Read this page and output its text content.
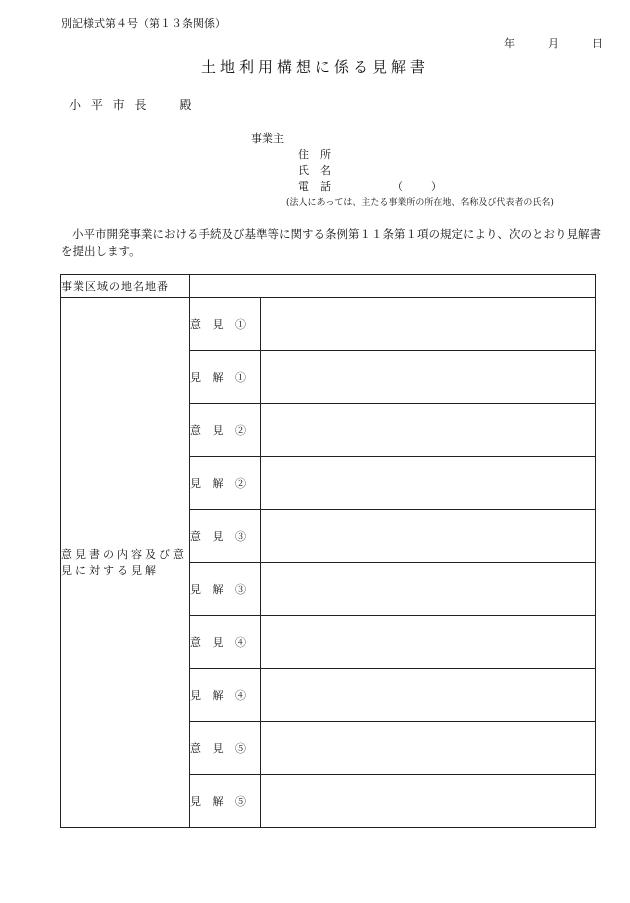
別記様式第４号（第１３条関係）
年	月	日
土地利用構想に係る見解書
小 平 市 長　　殿
事業主
住　所
氏　名
電　話	（	）
(法人にあっては、主たる事業所の所在地、名称及び代表者の氏名)
小平市開発事業における手続及び基準等に関する条例第１１条第１項の規定により、次のとおり見解書を提出します。
事業区域の地名地番		
意見書の内容及び意見に対する見解	意 見 ①	
	見 解 ①	
	意 見 ②	
	見 解 ②	
	意 見 ③	
	見 解 ③	
	意 見 ④	
	見 解 ④	
	意 見 ⑤	
	見 解 ⑤	
